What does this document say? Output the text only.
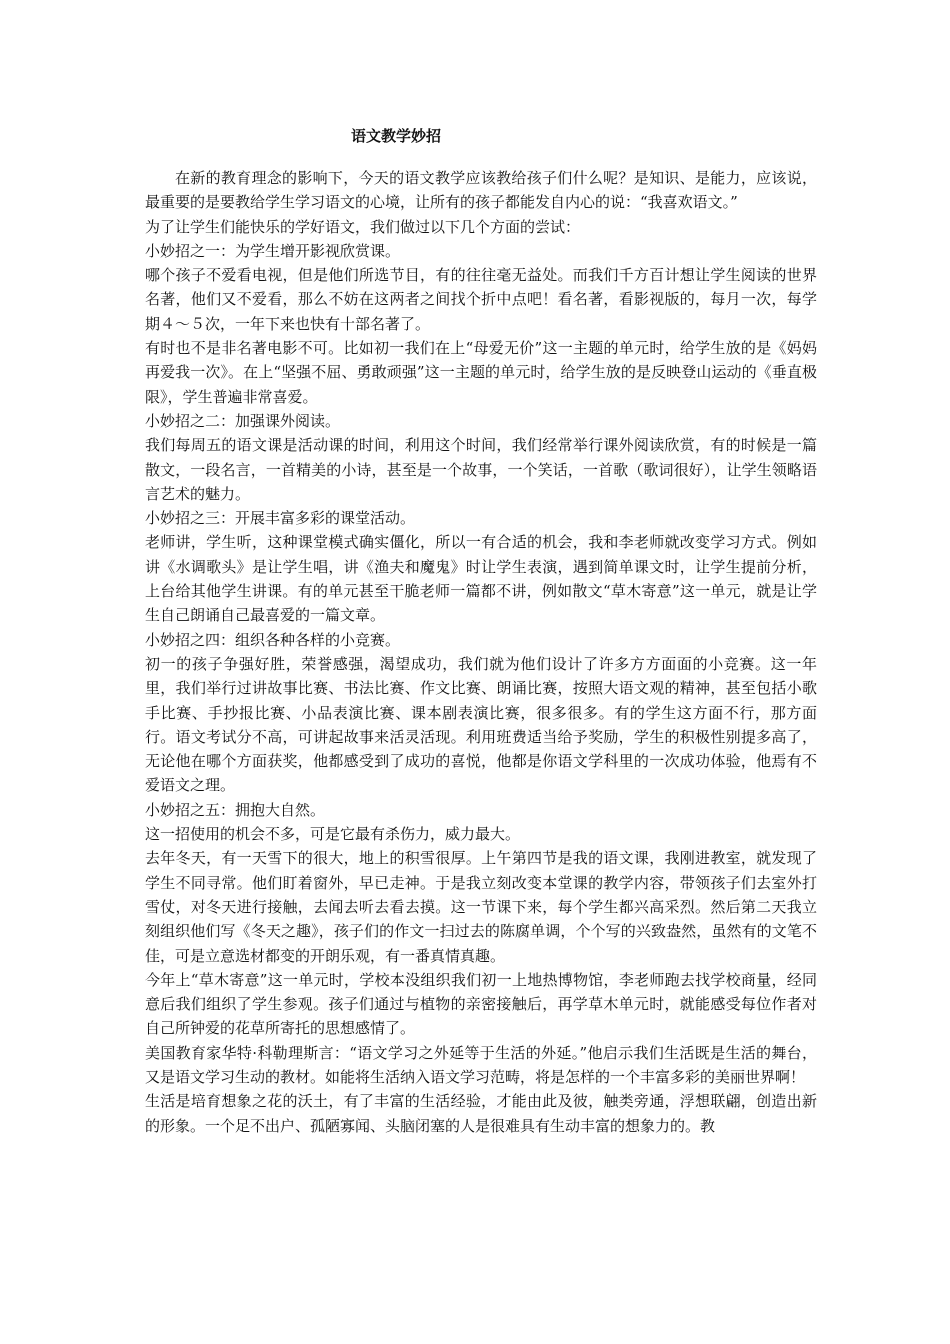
语文教学妙招

在新的教育理念的影响下，今天的语文教学应该教给孩子们什么呢？是知识、是能力，应该说，最重要的是要教给学生学习语文的心境，让所有的孩子都能发自内心的说：“我喜欢语文。”

为了让学生们能快乐的学好语文，我们做过以下几个方面的尝试：

小妙招之一：为学生增开影视欣赏课。

哪个孩子不爱看电视，但是他们所选节目，有的往往毫无益处。而我们千方百计想让学生阅读的世界名著，他们又不爱看，那么不妨在这两者之间找个折中点吧！看名著，看影视版的，每月一次，每学期４～５次，一年下来也快有十部名著了。

有时也不是非名著电影不可。比如初一我们在上“母爱无价”这一主题的单元时，给学生放的是《妈妈再爱我一次》。在上“坚强不屈、勇敢顽强”这一主题的单元时，给学生放的是反映登山运动的《垂直极限》，学生普遍非常喜爱。

小妙招之二：加强课外阅读。

我们每周五的语文课是活动课的时间，利用这个时间，我们经常举行课外阅读欣赏，有的时候是一篇散文，一段名言，一首精美的小诗，甚至是一个故事，一个笑话，一首歌（歌词很好），让学生领略语言艺术的魅力。

小妙招之三：开展丰富多彩的课堂活动。

老师讲，学生听，这种课堂模式确实僵化，所以一有合适的机会，我和李老师就改变学习方式。例如讲《水调歌头》是让学生唱，讲《渔夫和魔鬼》时让学生表演，遇到简单课文时，让学生提前分析，上台给其他学生讲课。有的单元甚至干脆老师一篇都不讲，例如散文“草木寄意”这一单元，就是让学生自己朗诵自己最喜爱的一篇文章。

小妙招之四：组织各种各样的小竞赛。

初一的孩子争强好胜，荣誉感强，渴望成功，我们就为他们设计了许多方方面面的小竞赛。这一年里，我们举行过讲故事比赛、书法比赛、作文比赛、朗诵比赛，按照大语文观的精神，甚至包括小歌手比赛、手抄报比赛、小品表演比赛、课本剧表演比赛，很多很多。有的学生这方面不行，那方面行。语文考试分不高，可讲起故事来活灵活现。利用班费适当给予奖励，学生的积极性别提多高了，无论他在哪个方面获奖，他都感受到了成功的喜悦，他都是你语文学科里的一次成功体验，他焉有不爱语文之理。

小妙招之五：拥抱大自然。

这一招使用的机会不多，可是它最有杀伤力，威力最大。

去年冬天，有一天雪下的很大，地上的积雪很厚。上午第四节是我的语文课，我刚进教室，就发现了学生不同寻常。他们盯着窗外，早已走神。于是我立刻改变本堂课的教学内容，带领孩子们去室外打雪仗，对冬天进行接触，去闻去听去看去摸。这一节课下来，每个学生都兴高采烈。然后第二天我立刻组织他们写《冬天之趣》，孩子们的作文一扫过去的陈腐单调，个个写的兴致盎然，虽然有的文笔不佳，可是立意选材都变的开朗乐观，有一番真情真趣。

今年上“草木寄意”这一单元时，学校本没组织我们初一上地热博物馆，李老师跑去找学校商量，经同意后我们组织了学生参观。孩子们通过与植物的亲密接触后，再学草木单元时，就能感受每位作者对自己所钟爱的花草所寄托的思想感情了。

美国教育家华特·科勒理斯言：“语文学习之外延等于生活的外延。”他启示我们生活既是生活的舞台，又是语文学习生动的教材。如能将生活纳入语文学习范畴，将是怎样的一个丰富多彩的美丽世界啊！

生活是培育想象之花的沃土，有了丰富的生活经验，才能由此及彼，触类旁通，浮想联翩，创造出新的形象。一个足不出户、孤陋寡闻、头脑闭塞的人是很难具有生动丰富的想象力的。教
